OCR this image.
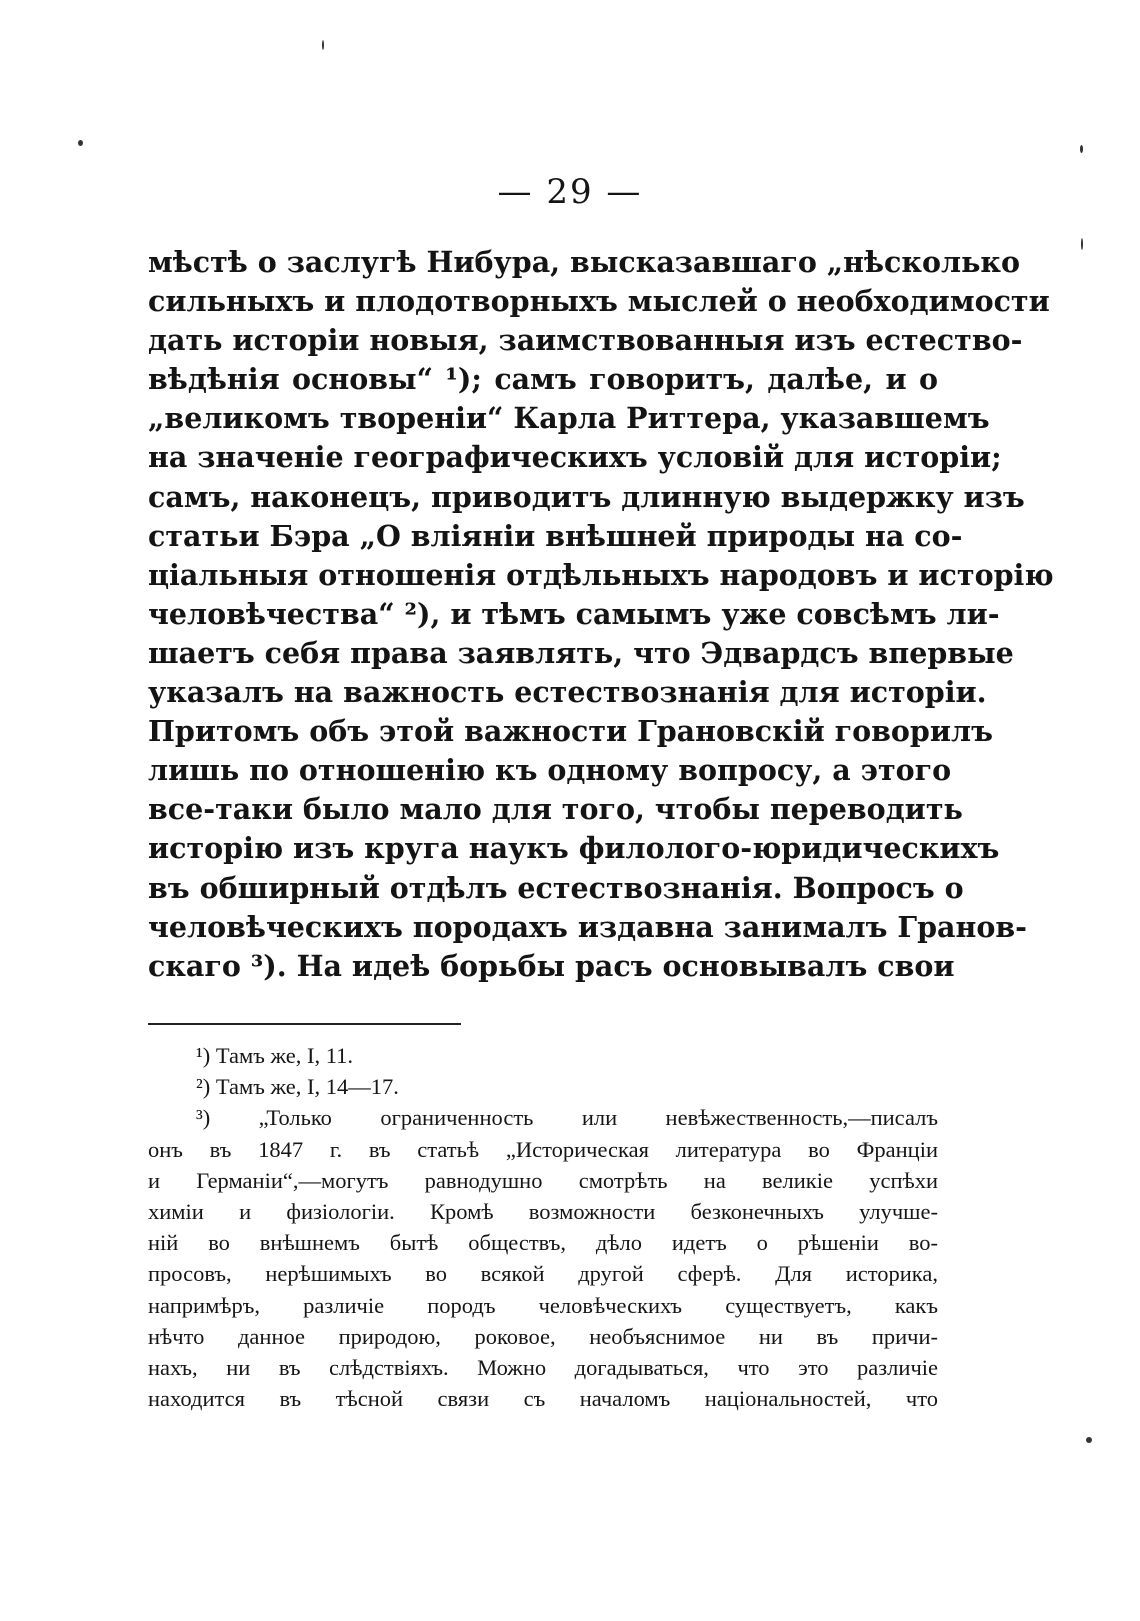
— 29 —
мѣстѣ о заслугѣ Нибура, высказавшаго „нѣсколько
сильныхъ и плодотворныхъ мыслей о необходимости
дать исторіи новыя, заимствованныя изъ естество-
вѣдѣнія основы“ ¹); самъ говоритъ, далѣе, и о
„великомъ твореніи“ Карла Риттера, указавшемъ
на значеніе географическихъ условій для исторіи;
самъ, наконецъ, приводитъ длинную выдержку изъ
статьи Бэра „О вліяніи внѣшней природы на со-
ціальныя отношенія отдѣльныхъ народовъ и исторію
человѣчества“ ²), и тѣмъ самымъ уже совсѣмъ ли-
шаетъ себя права заявлять, что Эдвардсъ впервые
указалъ на важность естествознанія для исторіи.
Притомъ объ этой важности Грановскій говорилъ
лишь по отношенію къ одному вопросу, а этого
все-таки было мало для того, чтобы переводить
исторію изъ круга наукъ филолого-юридическихъ
въ обширный отдѣлъ естествознанія. Вопросъ о
человѣческихъ породахъ издавна занималъ Гранов-
скаго ³). На идеѣ борьбы расъ основывалъ свои
¹) Тамъ же, I, 11.
²) Тамъ же, I, 14—17.
³) „Только ограниченность или невѣжественность,—писалъ
онъ въ 1847 г. въ статьѣ „Историческая литература во Франціи
и Германіи“,—могутъ равнодушно смотрѣть на великіе успѣхи
химіи и физіологіи. Кромѣ возможности безконечныхъ улучше-
ній во внѣшнемъ бытѣ обществъ, дѣло идетъ о рѣшеніи во-
просовъ, нерѣшимыхъ во всякой другой сферѣ. Для историка,
напримѣръ, различіе породъ человѣческихъ существуетъ, какъ
нѣчто данное природою, роковое, необъяснимое ни въ причи-
нахъ, ни въ слѣдствіяхъ. Можно догадываться, что это различіе
находится въ тѣсной связи съ началомъ національностей, что
